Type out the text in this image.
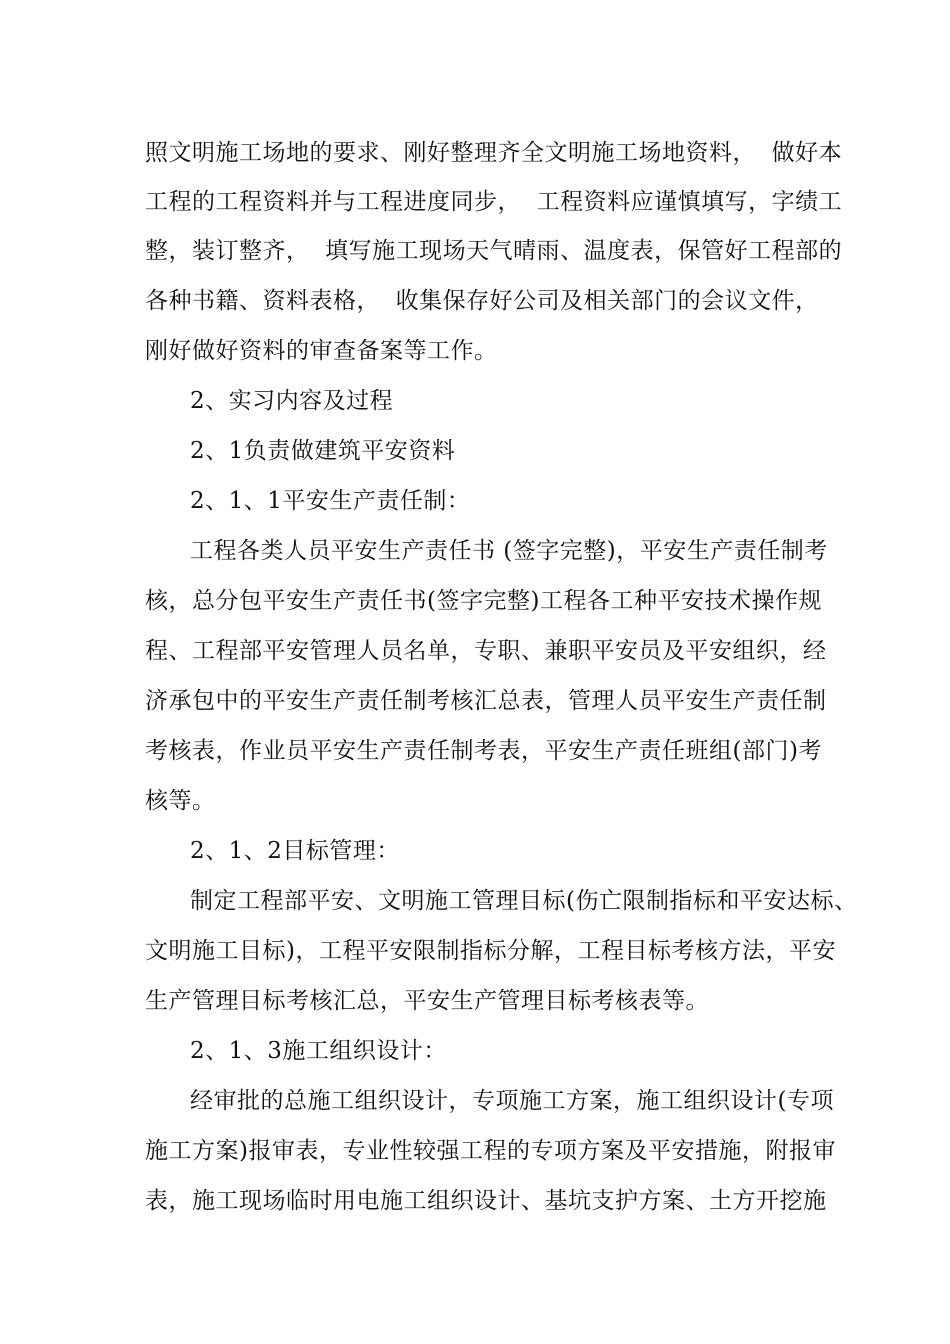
照文明施工场地的要求、刚好整理齐全文明施工场地资料，  做好本
工程的工程资料并与工程进度同步，  工程资料应谨慎填写，字绩工
整，装订整齐，  填写施工现场天气晴雨、温度表，保管好工程部的
各种书籍、资料表格，  收集保存好公司及相关部门的会议文件，
刚好做好资料的审查备案等工作。
2、实习内容及过程
2、1负责做建筑平安资料
2、1、1平安生产责任制：
工程各类人员平安生产责任书 (签字完整)，平安生产责任制考
核，总分包平安生产责任书(签字完整)工程各工种平安技术操作规
程、工程部平安管理人员名单，专职、兼职平安员及平安组织，经
济承包中的平安生产责任制考核汇总表，管理人员平安生产责任制
考核表，作业员平安生产责任制考表，平安生产责任班组(部门)考
核等。
2、1、2目标管理：
制定工程部平安、文明施工管理目标(伤亡限制指标和平安达标、
文明施工目标)，工程平安限制指标分解，工程目标考核方法，平安
生产管理目标考核汇总，平安生产管理目标考核表等。
2、1、3施工组织设计：
经审批的总施工组织设计，专项施工方案，施工组织设计(专项
施工方案)报审表，专业性较强工程的专项方案及平安措施，附报审
表，施工现场临时用电施工组织设计、基坑支护方案、土方开挖施
